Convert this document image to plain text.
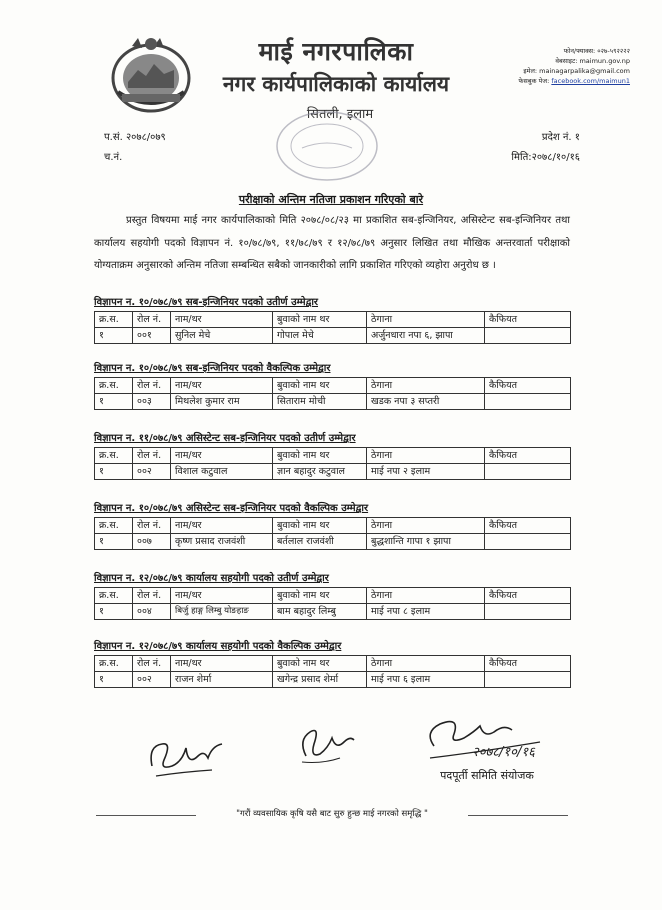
माई नगरपालिका
नगर कार्यपालिकाको कार्यालय
सितली, इलाम
फोन/फ्याक्स: ०२७-५९२२२२
वेबसाइट: maimun.gov.np
इमेल: mainagarpalika@gmail.com
फेसबुक पेज: facebook.com/maimun1
प.सं. २०७८/०७९
च.नं.
प्रदेश नं. १
मिति:२०७८/१०/१६
परीक्षाको अन्तिम नतिजा प्रकाशन गरिएको बारे
प्रस्तुत विषयमा माई नगर कार्यपालिकाको मिति २०७८/०८/२३ मा प्रकाशित सब-इन्जिनियर, असिस्टेन्ट सब-इन्जिनियर तथा कार्यालय सहयोगी पदको विज्ञापन नं. १०/७८/७९, ११/७८/७९ र १२/७८/७९ अनुसार लिखित तथा मौखिक अन्तरवार्ता परीक्षाको योग्यताक्रम अनुसारको अन्तिम नतिजा सम्बन्धित सबैको जानकारीको लागि प्रकाशित गरिएको व्यहोरा अनुरोध छ ।
विज्ञापन न. १०/०७८/७९ सब-इन्जिनियर पदको उतीर्ण उम्मेद्वार
क्र.स.	रोल नं.	नाम/थर	बुवाको नाम थर	ठेगाना	कैफियत
१	००१	सुनिल मेचे	गोपाल मेचे	अर्जुनधारा नपा ६, झापा	
विज्ञापन न. १०/०७८/७९ सब-इन्जिनियर पदको वैकल्पिक उम्मेद्वार
क्र.स.	रोल नं.	नाम/थर	बुवाको नाम थर	ठेगाना	कैफियत
१	००३	मिथलेश कुमार राम	सिताराम मोची	खडक नपा ३ सप्तरी	
विज्ञापन न. ११/०७८/७९ असिस्टेन्ट सब-इन्जिनियर पदको उतीर्ण उम्मेद्वार
क्र.स.	रोल नं.	नाम/थर	बुवाको नाम थर	ठेगाना	कैफियत
१	००२	विशाल कटुवाल	ज्ञान बहादुर कटुवाल	माई नपा २ इलाम	
विज्ञापन न. १०/०७८/७९ असिस्टेन्ट सब-इन्जिनियर पदको वैकल्पिक उम्मेद्वार
क्र.स.	रोल नं.	नाम/थर	बुवाको नाम थर	ठेगाना	कैफियत
१	००७	कृष्ण प्रसाद राजवंशी	बर्तलाल राजवंशी	बुद्धशान्ति गापा १ झापा	
विज्ञापन न. १२/०७८/७९ कार्यालय सहयोगी पदको उतीर्ण उम्मेद्वार
क्र.स.	रोल नं.	नाम/थर	बुवाको नाम थर	ठेगाना	कैफियत
१	००४	बिर्जु हाङ्ग लिम्बु योङहाङ	बाम बहादुर लिम्बु	माई नपा ८ इलाम	
विज्ञापन न. १२/०७८/७९ कार्यालय सहयोगी पदको वैकल्पिक उम्मेद्वार
क्र.स.	रोल नं.	नाम/थर	बुवाको नाम थर	ठेगाना	कैफियत
१	००२	राजन शेर्मा	खगेन्द्र प्रसाद शेर्मा	माई नपा ६ इलाम	
२०७८/१०/१६
पदपूर्ती समिति संयोजक
"गरौं व्यवसायिक कृषि यसै बाट सुरु हुन्छ माई नगरको समृद्धि "
